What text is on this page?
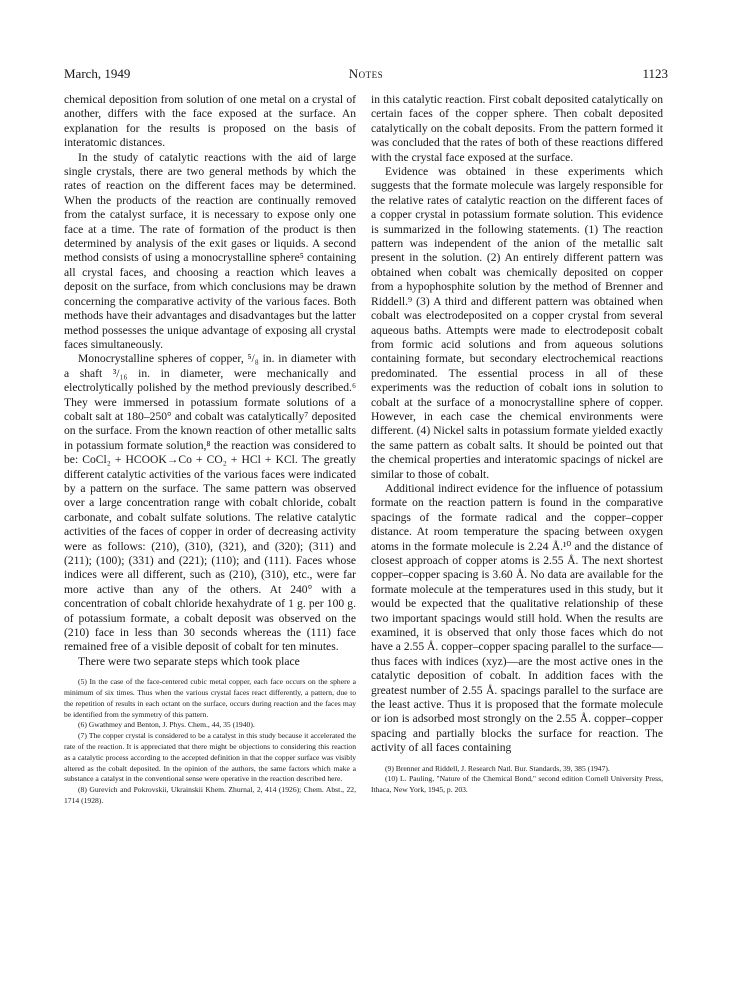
March, 1949	Notes	1123

chemical deposition from solution of one metal on a crystal of another, differs with the face exposed at the surface. An explanation for the results is proposed on the basis of interatomic distances.

In the study of catalytic reactions with the aid of large single crystals, there are two general methods by which the rates of reaction on the different faces may be determined. When the products of the reaction are continually removed from the catalyst surface, it is necessary to expose only one face at a time. The rate of formation of the product is then determined by analysis of the exit gases or liquids. A second method consists of using a monocrystalline sphere⁵ containing all crystal faces, and choosing a reaction which leaves a deposit on the surface, from which conclusions may be drawn concerning the comparative activity of the various faces. Both methods have their advantages and disadvantages but the latter method possesses the unique advantage of exposing all crystal faces simultaneously.

Monocrystalline spheres of copper, ⁵/₈ in. in diameter with a shaft ³/₁₆ in. in diameter, were mechanically and electrolytically polished by the method previously described.⁶ They were immersed in potassium formate solutions of a cobalt salt at 180–250° and cobalt was catalytically⁷ deposited on the surface. From the known reaction of other metallic salts in potassium formate solution,⁸ the reaction was considered to be: CoCl₂ + HCOOK→Co + CO₂ + HCl + KCl. The greatly different catalytic activities of the various faces were indicated by a pattern on the surface. The same pattern was observed over a large concentration range with cobalt chloride, cobalt carbonate, and cobalt sulfate solutions. The relative catalytic activities of the faces of copper in order of decreasing activity were as follows: (210), (310), (321), and (320); (311) and (211); (100); (331) and (221); (110); and (111). Faces whose indices were all different, such as (210), (310), etc., were far more active than any of the others. At 240° with a concentration of cobalt chloride hexahydrate of 1 g. per 100 g. of potassium formate, a cobalt deposit was observed on the (210) face in less than 30 seconds whereas the (111) face remained free of a visible deposit of cobalt for ten minutes.

There were two separate steps which took place

(5) In the case of the face-centered cubic metal copper, each face occurs on the sphere a minimum of six times. Thus when the various crystal faces react differently, a pattern, due to the repetition of results in each octant on the surface, occurs during reaction and the faces may be identified from the symmetry of this pattern.

(6) Gwathmey and Benton, J. Phys. Chem., 44, 35 (1940).

(7) The copper crystal is considered to be a catalyst in this study because it accelerated the rate of the reaction. It is appreciated that there might be objections to considering this reaction as a catalytic process according to the accepted definition in that the copper surface was visibly altered as the cobalt deposited. In the opinion of the authors, the same factors which make a substance a catalyst in the conventional sense were operative in the reaction described here.

(8) Gurevich and Pokrovskii, Ukrainskii Khem. Zhurnal, 2, 414 (1926); Chem. Abst., 22, 1714 (1928).

in this catalytic reaction. First cobalt deposited catalytically on certain faces of the copper sphere. Then cobalt deposited catalytically on the cobalt deposits. From the pattern formed it was concluded that the rates of both of these reactions differed with the crystal face exposed at the surface.

Evidence was obtained in these experiments which suggests that the formate molecule was largely responsible for the relative rates of catalytic reaction on the different faces of a copper crystal in potassium formate solution. This evidence is summarized in the following statements. (1) The reaction pattern was independent of the anion of the metallic salt present in the solution. (2) An entirely different pattern was obtained when cobalt was chemically deposited on copper from a hypophosphite solution by the method of Brenner and Riddell.⁹ (3) A third and different pattern was obtained when cobalt was electrodeposited on a copper crystal from several aqueous baths. Attempts were made to electrodeposit cobalt from formic acid solutions and from aqueous solutions containing formate, but secondary electrochemical reactions predominated. The essential process in all of these experiments was the reduction of cobalt ions in solution to cobalt at the surface of a monocrystalline sphere of copper. However, in each case the chemical environments were different. (4) Nickel salts in potassium formate yielded exactly the same pattern as cobalt salts. It should be pointed out that the chemical properties and interatomic spacings of nickel are similar to those of cobalt.

Additional indirect evidence for the influence of potassium formate on the reaction pattern is found in the comparative spacings of the formate radical and the copper–copper distance. At room temperature the spacing between oxygen atoms in the formate molecule is 2.24 Å.¹⁰ and the distance of closest approach of copper atoms is 2.55 Å. The next shortest copper–copper spacing is 3.60 Å. No data are available for the formate molecule at the temperatures used in this study, but it would be expected that the qualitative relationship of these two important spacings would still hold. When the results are examined, it is observed that only those faces which do not have a 2.55 Å. copper–copper spacing parallel to the surface—thus faces with indices (xyz)—are the most active ones in the catalytic deposition of cobalt. In addition faces with the greatest number of 2.55 Å. spacings parallel to the surface are the least active. Thus it is proposed that the formate molecule or ion is adsorbed most strongly on the 2.55 Å. copper–copper spacing and partially blocks the surface for reaction. The activity of all faces containing

(9) Brenner and Riddell, J. Research Natl. Bur. Standards, 39, 385 (1947).

(10) L. Pauling, "Nature of the Chemical Bond," second edition Cornell University Press, Ithaca, New York, 1945, p. 203.
